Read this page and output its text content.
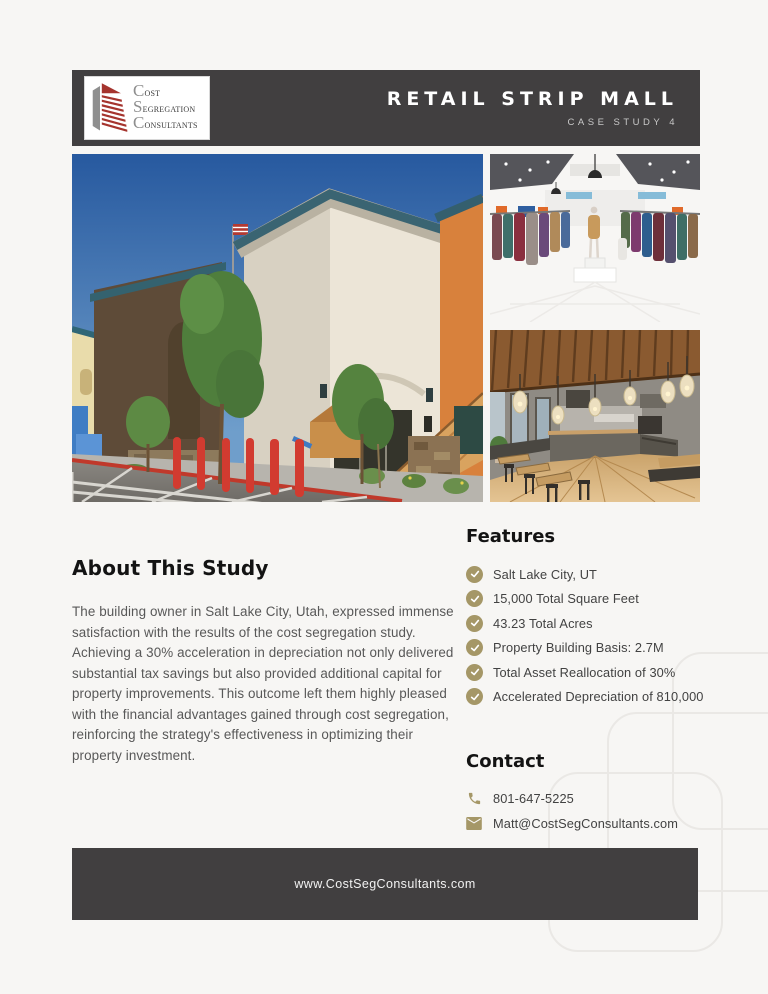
COST
SEGREGATION
CONSULTANTS
RETAIL STRIP MALL
CASE STUDY 4
About This Study

The building owner in Salt Lake City, Utah, expressed immense satisfaction with the results of the cost segregation study. Achieving a 30% acceleration in depreciation not only delivered substantial tax savings but also provided additional capital for property improvements. This outcome left them highly pleased with the financial advantages gained through cost segregation, reinforcing the strategy's effectiveness in optimizing their property investment.

Features
Salt Lake City, UT
15,000 Total Square Feet
43.23 Total Acres
Property Building Basis: 2.7M
Total Asset Reallocation of 30%
Accelerated Depreciation of 810,000
Contact
801-647-5225
Matt@CostSegConsultants.com
www.CostSegConsultants.com
